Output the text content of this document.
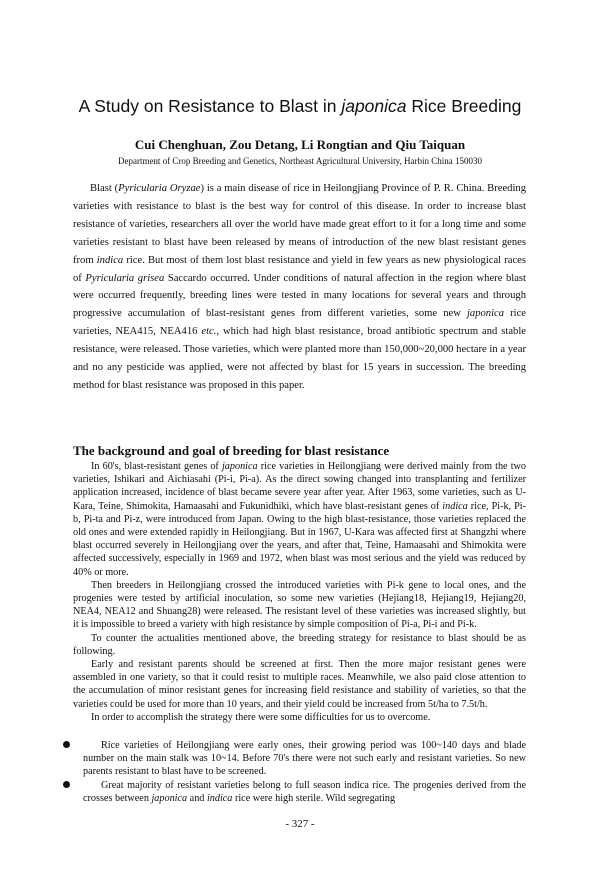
A Study on Resistance to Blast in japonica Rice Breeding

Cui Chenghuan, Zou Detang, Li Rongtian and Qiu Taiquan

Department of Crop Breeding and Genetics, Northeast Agricultural University, Harbin China 150030

Blast (Pyricularia Oryzae) is a main disease of rice in Heilongjiang Province of P. R. China. Breeding varieties with resistance to blast is the best way for control of this disease. In order to increase blast resistance of varieties, researchers all over the world have made great effort to it for a long time and some varieties resistant to blast have been released by means of introduction of the new blast resistant genes from indica rice. But most of them lost blast resistance and yield in few years as new physiological races of Pyricularia grisea Saccardo occurred. Under conditions of natural affection in the region where blast were occurred frequently, breeding lines were tested in many locations for several years and through progressive accumulation of blast-resistant genes from different varieties, some new japonica rice varieties, NEA415, NEA416 etc., which had high blast resistance, broad antibiotic spectrum and stable resistance, were released. Those varieties, which were planted more than 150,000~20,000 hectare in a year and no any pesticide was applied, were not affected by blast for 15 years in succession. The breeding method for blast resistance was proposed in this paper.

The background and goal of breeding for blast resistance

In 60's, blast-resistant genes of japonica rice varieties in Heilongjiang were derived mainly from the two varieties, Ishikari and Aichiasahi (Pi-i, Pi-a). As the direct sowing changed into transplanting and fertilizer application increased, incidence of blast became severe year after year. After 1963, some varieties, such as U-Kara, Teine, Shimokita, Hamaasahi and Fukunidhiki, which have blast-resistant genes of indica rice, Pi-k, Pi-b, Pi-ta and Pi-z, were introduced from Japan. Owing to the high blast-resistance, those varieties replaced the old ones and were extended rapidly in Heilongjiang. But in 1967, U-Kara was affected first at Shangzhi where blast occurred severely in Heilongjiang over the years, and after that, Teine, Hamaasahi and Shimokita were affected successively, especially in 1969 and 1972, when blast was most serious and the yield was reduced by 40% or more.

Then breeders in Heilongjiang crossed the introduced varieties with Pi-k gene to local ones, and the progenies were tested by artificial inoculation, so some new varieties (Hejiang18, Hejiang19, Hejiang20, NEA4, NEA12 and Shuang28) were released. The resistant level of these varieties was increased slightly, but it is impossible to breed a variety with high resistance by simple composition of Pi-a, Pi-i and Pi-k.

To counter the actualities mentioned above, the breeding strategy for resistance to blast should be as following.

Early and resistant parents should be screened at first. Then the more major resistant genes were assembled in one variety, so that it could resist to multiple races. Meanwhile, we also paid close attention to the accumulation of minor resistant genes for increasing field resistance and stability of varieties, so that the varieties could be used for more than 10 years, and their yield could be increased from 5t/ha to 7.5t/h.

In order to accomplish the strategy there were some difficulties for us to overcome.

Rice varieties of Heilongjiang were early ones, their growing period was 100~140 days and blade number on the main stalk was 10~14. Before 70's there were not such early and resistant varieties. So new parents resistant to blast have to be screened.
Great majority of resistant varieties belong to full season indica rice. The progenies derived from the crosses between japonica and indica rice were high sterile. Wild segregating

- 327 -
